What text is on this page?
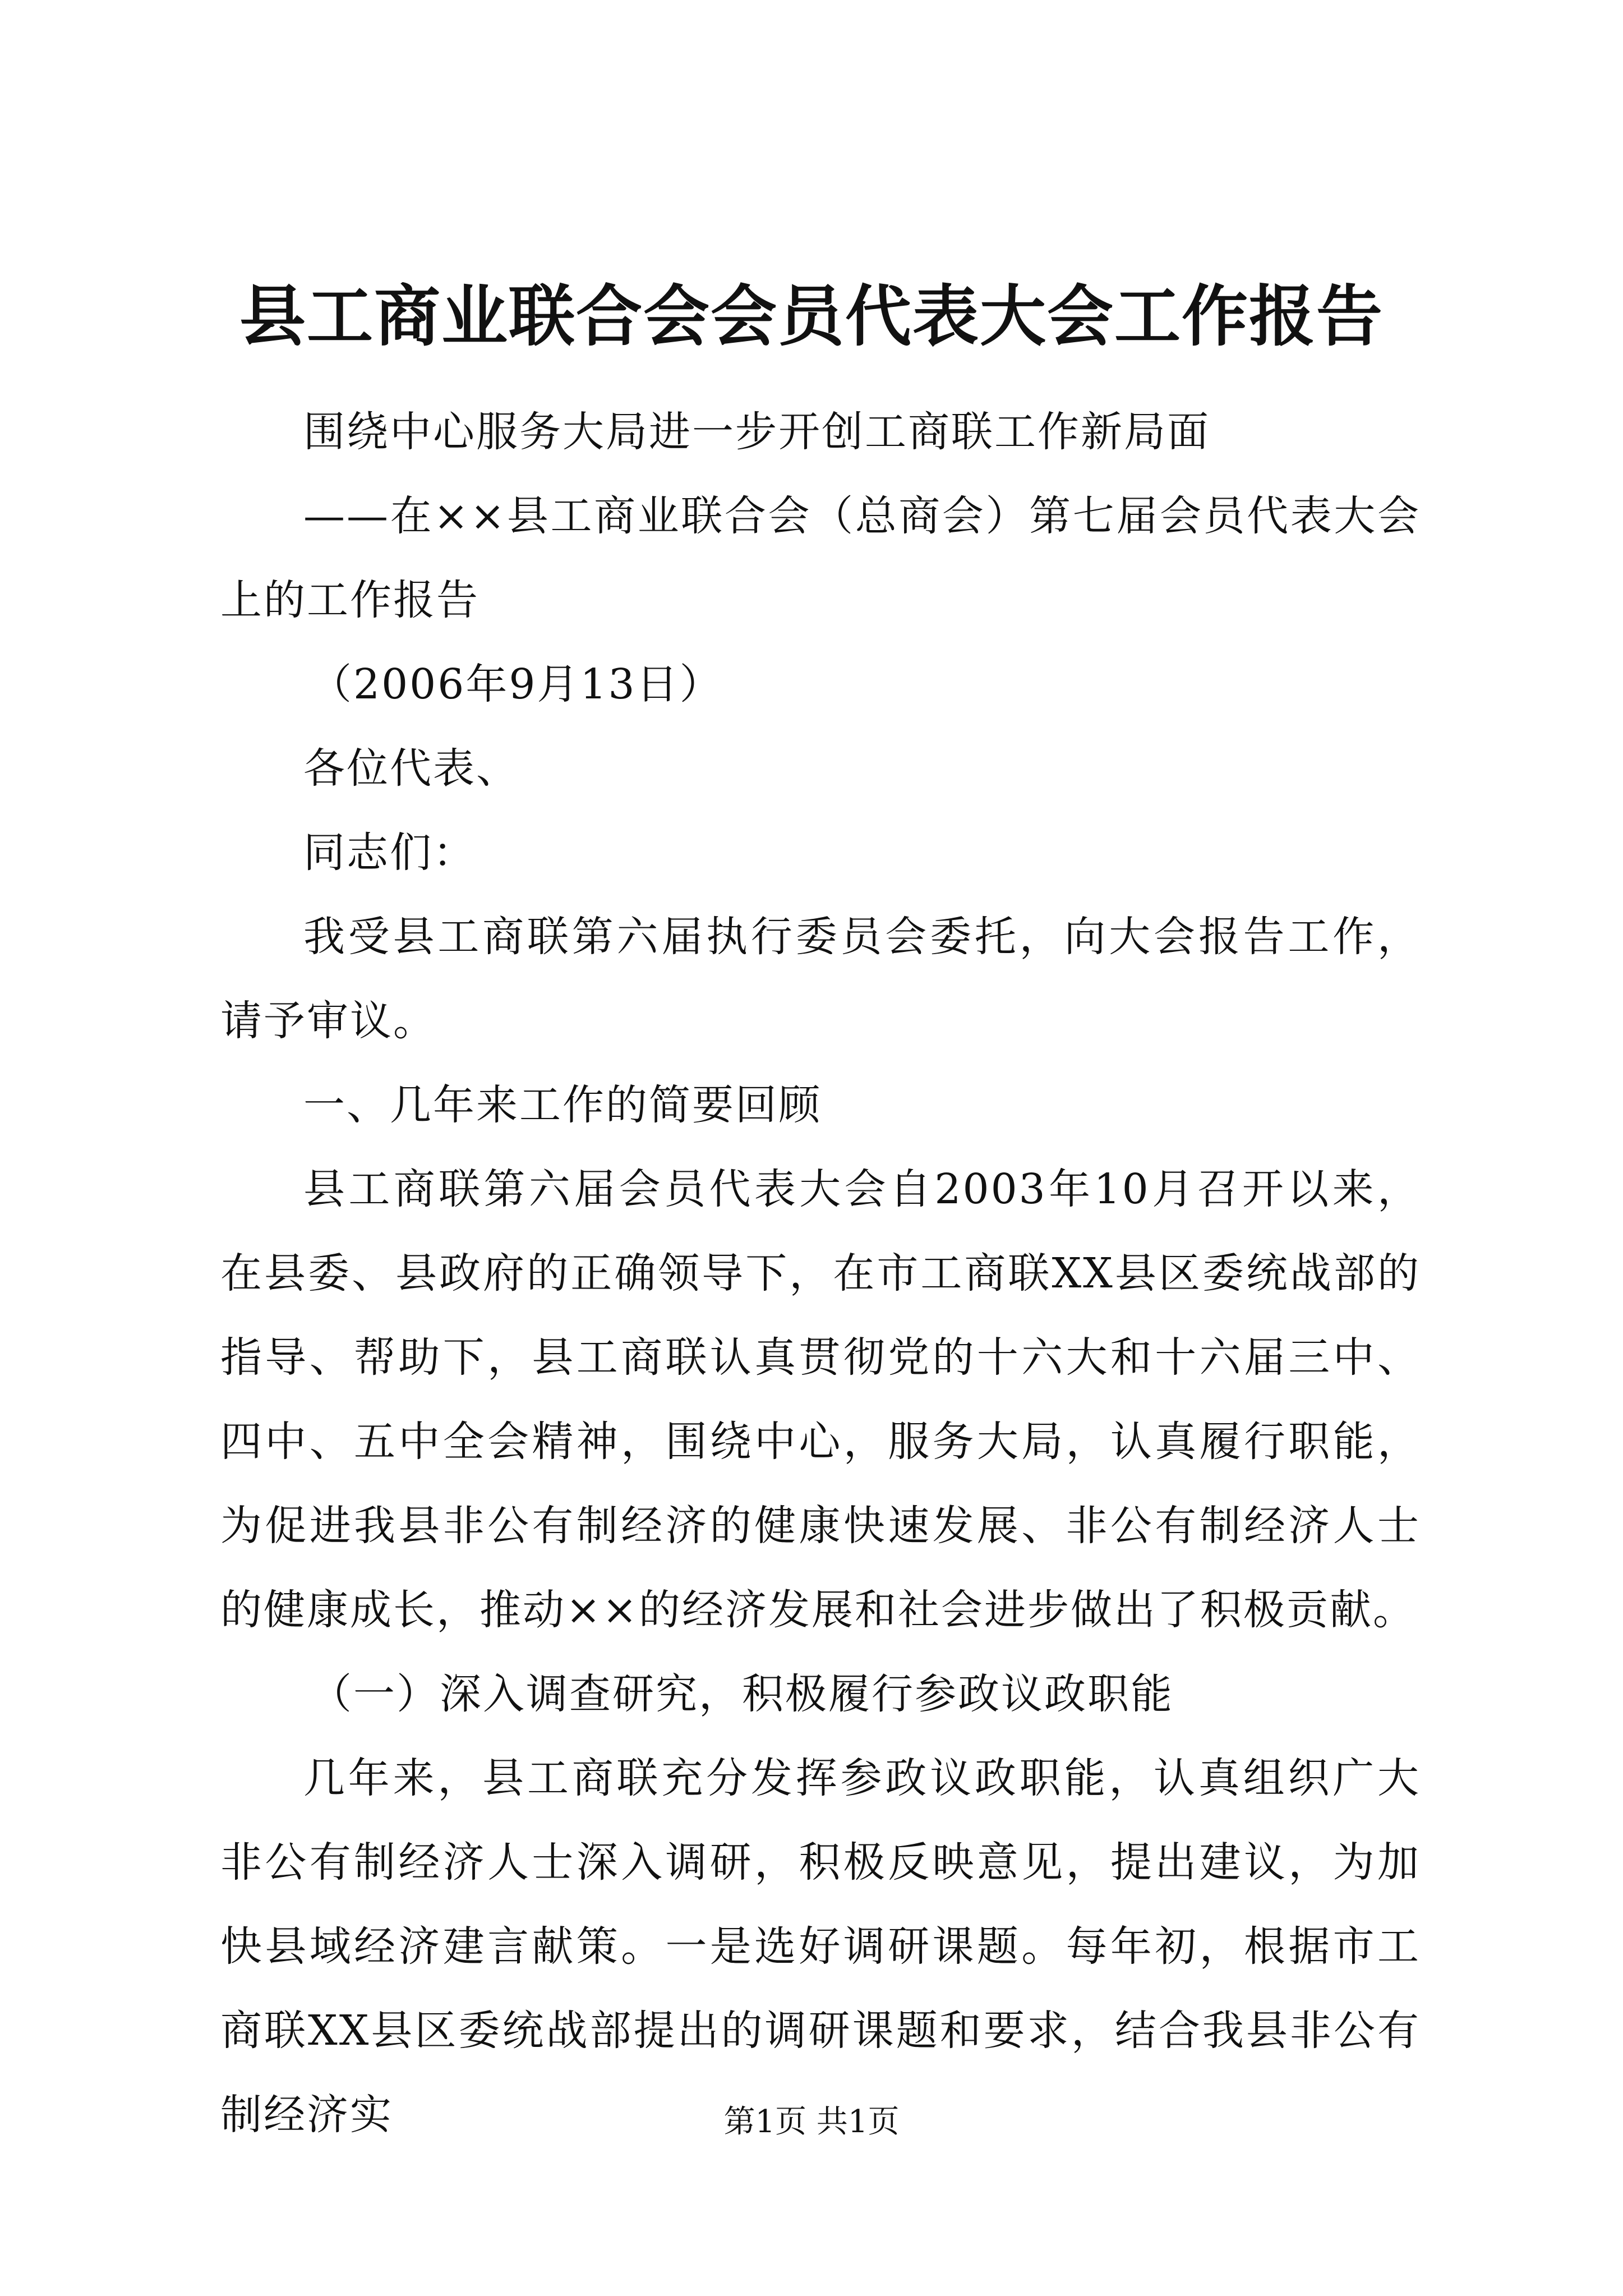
县工商业联合会会员代表大会工作报告

围绕中心服务大局进一步开创工商联工作新局面

——在××县工商业联合会（总商会）第七届会员代表大会上的工作报告

（2006年9月13日）

各位代表、

同志们：

我受县工商联第六届执行委员会委托，向大会报告工作，请予审议。

一、几年来工作的简要回顾

县工商联第六届会员代表大会自2003年10月召开以来，在县委、县政府的正确领导下，在市工商联XX县区委统战部的指导、帮助下，县工商联认真贯彻党的十六大和十六届三中、四中、五中全会精神，围绕中心，服务大局，认真履行职能，为促进我县非公有制经济的健康快速发展、非公有制经济人士的健康成长，推动××的经济发展和社会进步做出了积极贡献。

（一）深入调查研究，积极履行参政议政职能

几年来，县工商联充分发挥参政议政职能，认真组织广大非公有制经济人士深入调研，积极反映意见，提出建议，为加快县域经济建言献策。一是选好调研课题。每年初，根据市工商联XX县区委统战部提出的调研课题和要求，结合我县非公有制经济实	第1页 共1页
